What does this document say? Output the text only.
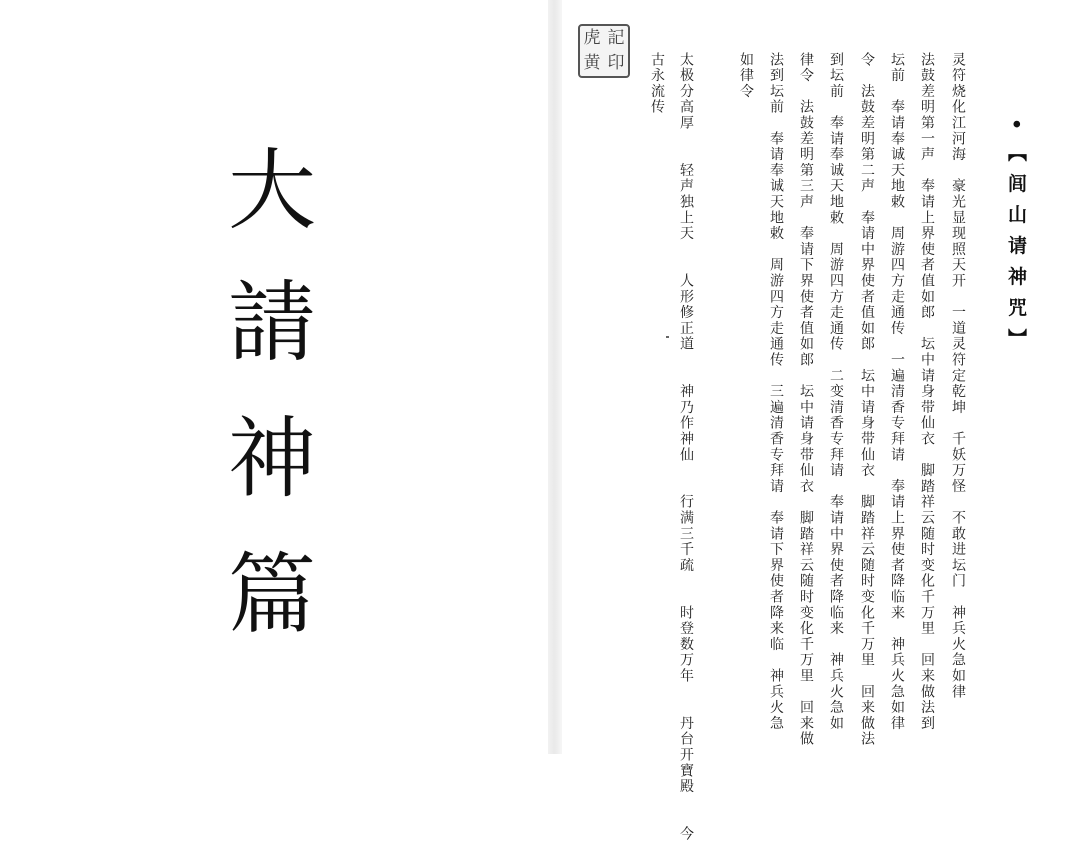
大
請
神
篇
虎 記
黄 印
•【闾山请神咒】
灵符烧化江河海　豪光显现照天开　一道灵符定乾坤　千妖万怪　不敢进坛门　神兵火急如律
法鼓差明第一声　奉请上界使者值如郎　坛中请身带仙衣　脚踏祥云随时变化千万里　回来做法到
坛前　奉请奉诚天地敕　周游四方走通传　一遍清香专拜请　奉请上界使者降临来　神兵火急如律
令　法鼓差明第二声　奉请中界使者值如郎　坛中请身带仙衣　脚踏祥云随时变化千万里　回来做法
到坛前　奉请奉诚天地敕　周游四方走通传　二变清香专拜请　奉请中界使者降临来　神兵火急如
律令　法鼓差明第三声　奉请下界使者值如郎　坛中请身带仙衣　脚踏祥云随时变化千万里　回来做
法到坛前　奉请奉诚天地敕　周游四方走通传　三遍清香专拜请　奉请下界使者降来临　神兵火急
如律令
太极分高厚　　轻声独上天　　人形修正道　　神乃作神仙　　行满三千疏　　时登数万年　　丹台开寶殿　　今
古永流传
